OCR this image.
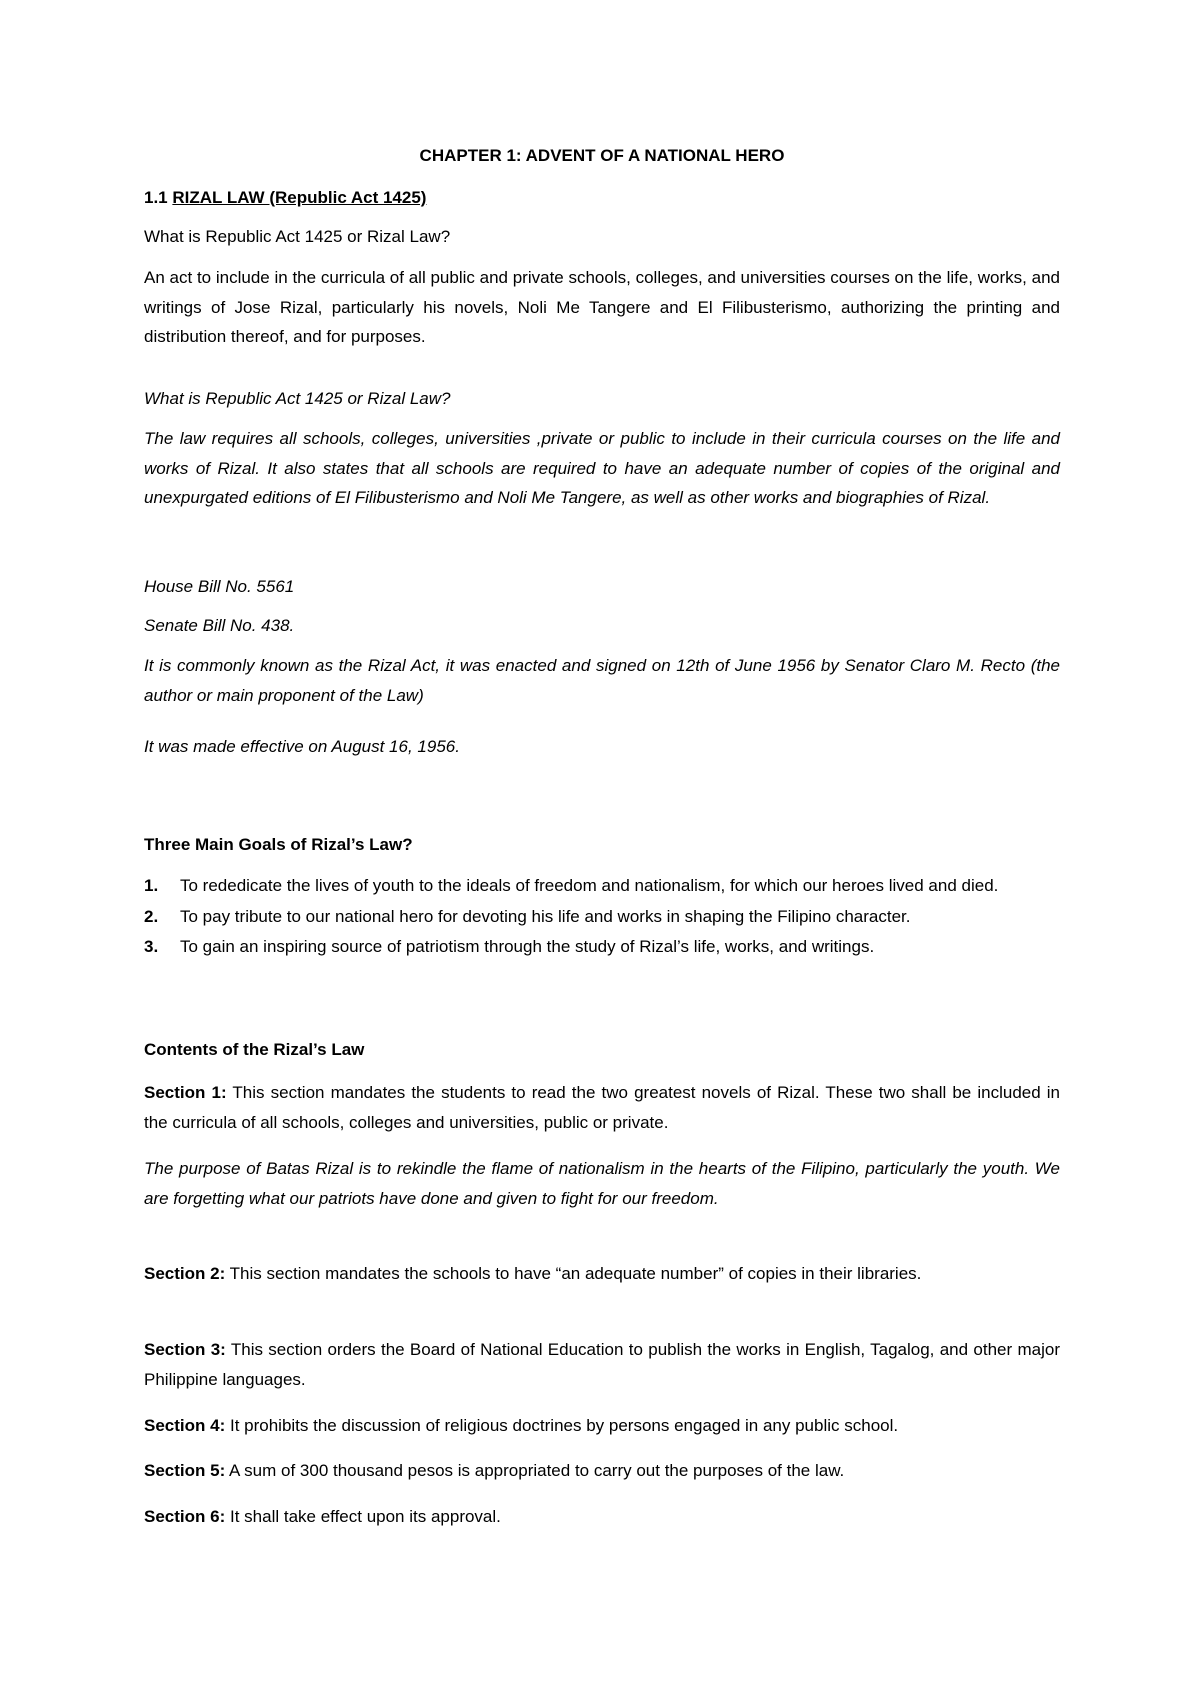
CHAPTER 1: ADVENT OF A NATIONAL HERO

1.1 RIZAL LAW (Republic Act 1425)

What is Republic Act 1425 or Rizal Law?

An act to include in the curricula of all public and private schools, colleges, and universities courses on the life, works, and writings of Jose Rizal, particularly his novels, Noli Me Tangere and El Filibusterismo, authorizing the printing and distribution thereof, and for purposes.

What is Republic Act 1425 or Rizal Law?

The law requires all schools, colleges, universities ,private or public to include in their curricula courses on the life and works of Rizal. It also states that all schools are required to have an adequate number of copies of the original and unexpurgated editions of El Filibusterismo and Noli Me Tangere, as well as other works and biographies of Rizal.

House Bill No. 5561

Senate Bill No. 438.

It is commonly known as the Rizal Act, it was enacted and signed on 12th of June 1956 by Senator Claro M. Recto (the author or main proponent of the Law)

It was made effective on August 16, 1956.

Three Main Goals of Rizal’s Law?

1. To rededicate the lives of youth to the ideals of freedom and nationalism, for which our heroes lived and died.
2. To pay tribute to our national hero for devoting his life and works in shaping the Filipino character.
3. To gain an inspiring source of patriotism through the study of Rizal’s life, works, and writings.

Contents of the Rizal’s Law

Section 1: This section mandates the students to read the two greatest novels of Rizal. These two shall be included in the curricula of all schools, colleges and universities, public or private.

The purpose of Batas Rizal is to rekindle the flame of nationalism in the hearts of the Filipino, particularly the youth. We are forgetting what our patriots have done and given to fight for our freedom.

Section 2: This section mandates the schools to have “an adequate number” of copies in their libraries.

Section 3: This section orders the Board of National Education to publish the works in English, Tagalog, and other major Philippine languages.

Section 4: It prohibits the discussion of religious doctrines by persons engaged in any public school.

Section 5: A sum of 300 thousand pesos is appropriated to carry out the purposes of the law.

Section 6: It shall take effect upon its approval.
